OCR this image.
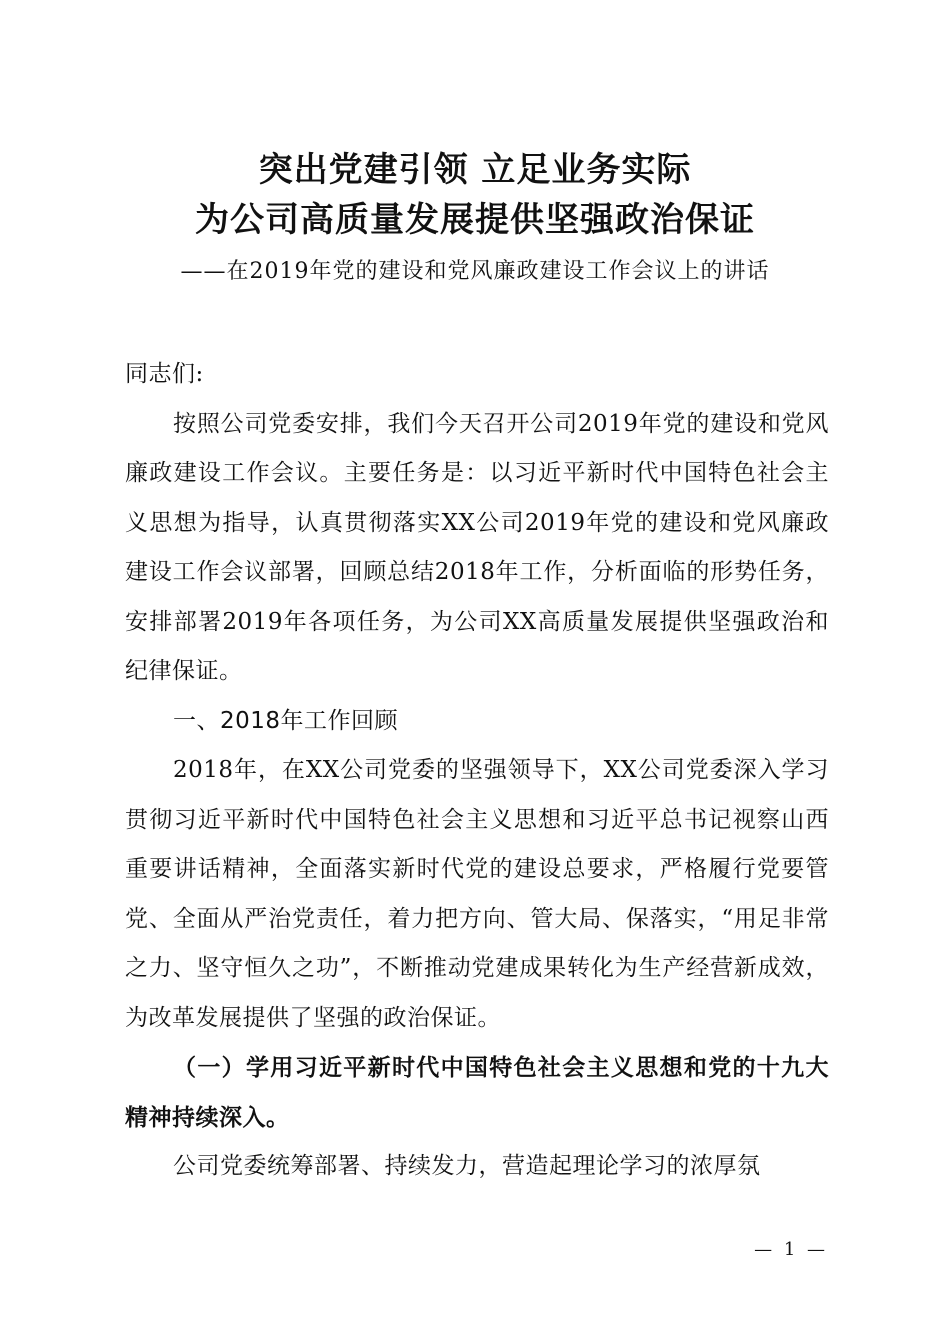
突出党建引领 立足业务实际
为公司高质量发展提供坚强政治保证

——在2019年党的建设和党风廉政建设工作会议上的讲话

同志们:

按照公司党委安排，我们今天召开公司2019年党的建设和党风廉政建设工作会议。主要任务是：以习近平新时代中国特色社会主义思想为指导，认真贯彻落实XX公司2019年党的建设和党风廉政建设工作会议部署，回顾总结2018年工作，分析面临的形势任务，安排部署2019年各项任务，为公司XX高质量发展提供坚强政治和纪律保证。

一、2018年工作回顾

2018年，在XX公司党委的坚强领导下，XX公司党委深入学习贯彻习近平新时代中国特色社会主义思想和习近平总书记视察山西重要讲话精神，全面落实新时代党的建设总要求，严格履行党要管党、全面从严治党责任，着力把方向、管大局、保落实，“用足非常之力、坚守恒久之功”，不断推动党建成果转化为生产经营新成效，为改革发展提供了坚强的政治保证。

（一）学用习近平新时代中国特色社会主义思想和党的十九大精神持续深入。

公司党委统筹部署、持续发力，营造起理论学习的浓厚氛

— 1 —
